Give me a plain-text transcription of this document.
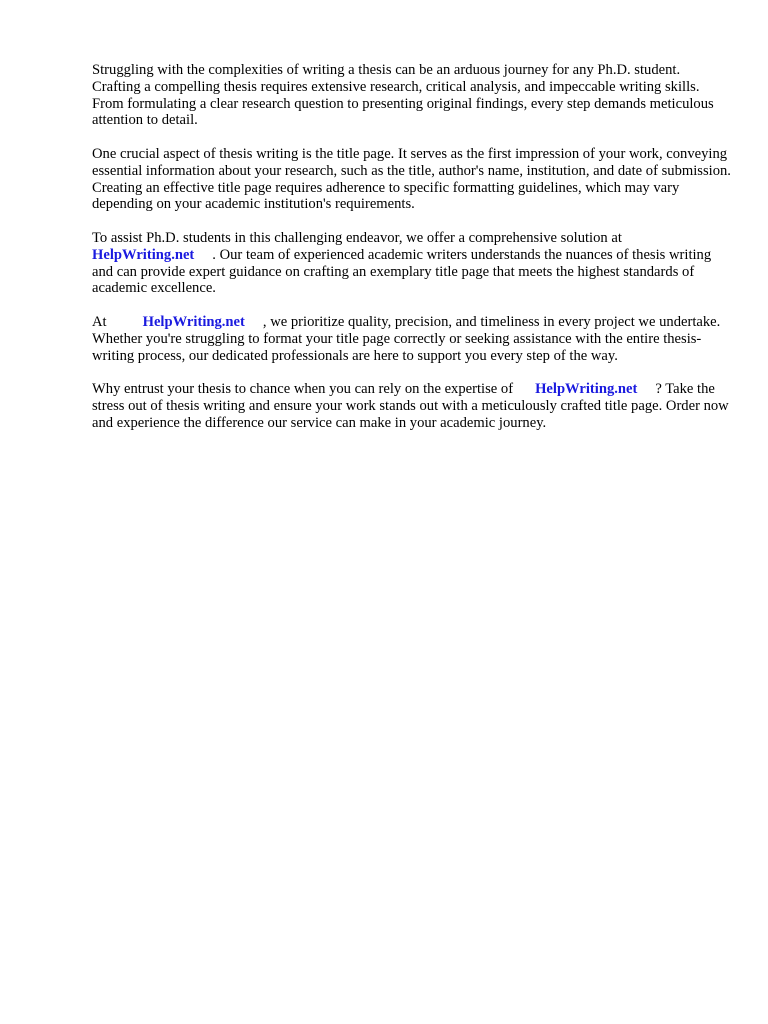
Struggling with the complexities of writing a thesis can be an arduous journey for any Ph.D. student. Crafting a compelling thesis requires extensive research, critical analysis, and impeccable writing skills. From formulating a clear research question to presenting original findings, every step demands meticulous attention to detail.

One crucial aspect of thesis writing is the title page. It serves as the first impression of your work, conveying essential information about your research, such as the title, author's name, institution, and date of submission. Creating an effective title page requires adherence to specific formatting guidelines, which may vary depending on your academic institution's requirements.

To assist Ph.D. students in this challenging endeavor, we offer a comprehensive solution at
HelpWriting.net . Our team of experienced academic writers understands the nuances of thesis writing and can provide expert guidance on crafting an exemplary title page that meets the highest standards of academic excellence.

At HelpWriting.net , we prioritize quality, precision, and timeliness in every project we undertake. Whether you're struggling to format your title page correctly or seeking assistance with the entire thesis-writing process, our dedicated professionals are here to support you every step of the way.

Why entrust your thesis to chance when you can rely on the expertise of HelpWriting.net ? Take the stress out of thesis writing and ensure your work stands out with a meticulously crafted title page. Order now and experience the difference our service can make in your academic journey.
